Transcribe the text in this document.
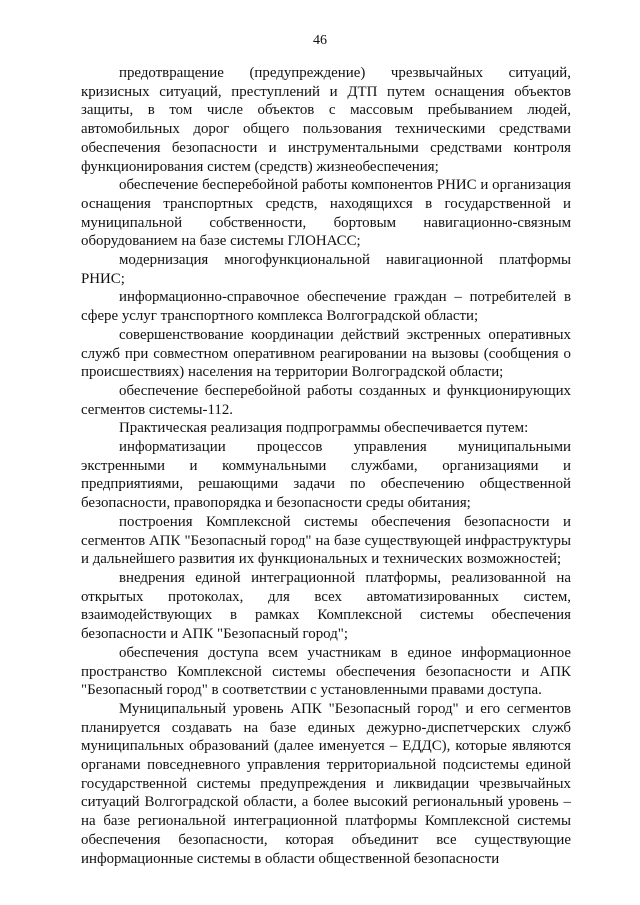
46

предотвращение (предупреждение) чрезвычайных ситуаций, кризисных ситуаций, преступлений и ДТП путем оснащения объектов защиты, в том числе объектов с массовым пребыванием людей, автомобильных дорог общего пользования техническими средствами обеспечения безопасности и инструментальными средствами контроля функционирования систем (средств) жизнеобеспечения;

обеспечение бесперебойной работы компонентов РНИС и организация оснащения транспортных средств, находящихся в государственной и муниципальной собственности, бортовым навигационно-связным оборудованием на базе системы ГЛОНАСС;

модернизация многофункциональной навигационной платформы РНИС;

информационно-справочное обеспечение граждан – потребителей в сфере услуг транспортного комплекса Волгоградской области;

совершенствование координации действий экстренных оперативных служб при совместном оперативном реагировании на вызовы (сообщения о происшествиях) населения на территории Волгоградской области;

обеспечение бесперебойной работы созданных и функционирующих сегментов системы-112.

Практическая реализация подпрограммы обеспечивается путем:

информатизации процессов управления муниципальными экстренными и коммунальными службами, организациями и предприятиями, решающими задачи по обеспечению общественной безопасности, правопорядка и безопасности среды обитания;

построения Комплексной системы обеспечения безопасности и сегментов АПК "Безопасный город" на базе существующей инфраструктуры и дальнейшего развития их функциональных и технических возможностей;

внедрения единой интеграционной платформы, реализованной на открытых протоколах, для всех автоматизированных систем, взаимодействующих в рамках Комплексной системы обеспечения безопасности и АПК "Безопасный город";

обеспечения доступа всем участникам в единое информационное пространство Комплексной системы обеспечения безопасности и АПК "Безопасный город" в соответствии с установленными правами доступа.

Муниципальный уровень АПК "Безопасный город" и его сегментов планируется создавать на базе единых дежурно-диспетчерских служб муниципальных образований (далее именуется – ЕДДС), которые являются органами повседневного управления территориальной подсистемы единой государственной системы предупреждения и ликвидации чрезвычайных ситуаций Волгоградской области, а более высокий региональный уровень – на базе региональной интеграционной платформы Комплексной системы обеспечения безопасности, которая объединит все существующие информационные системы в области общественной безопасности
